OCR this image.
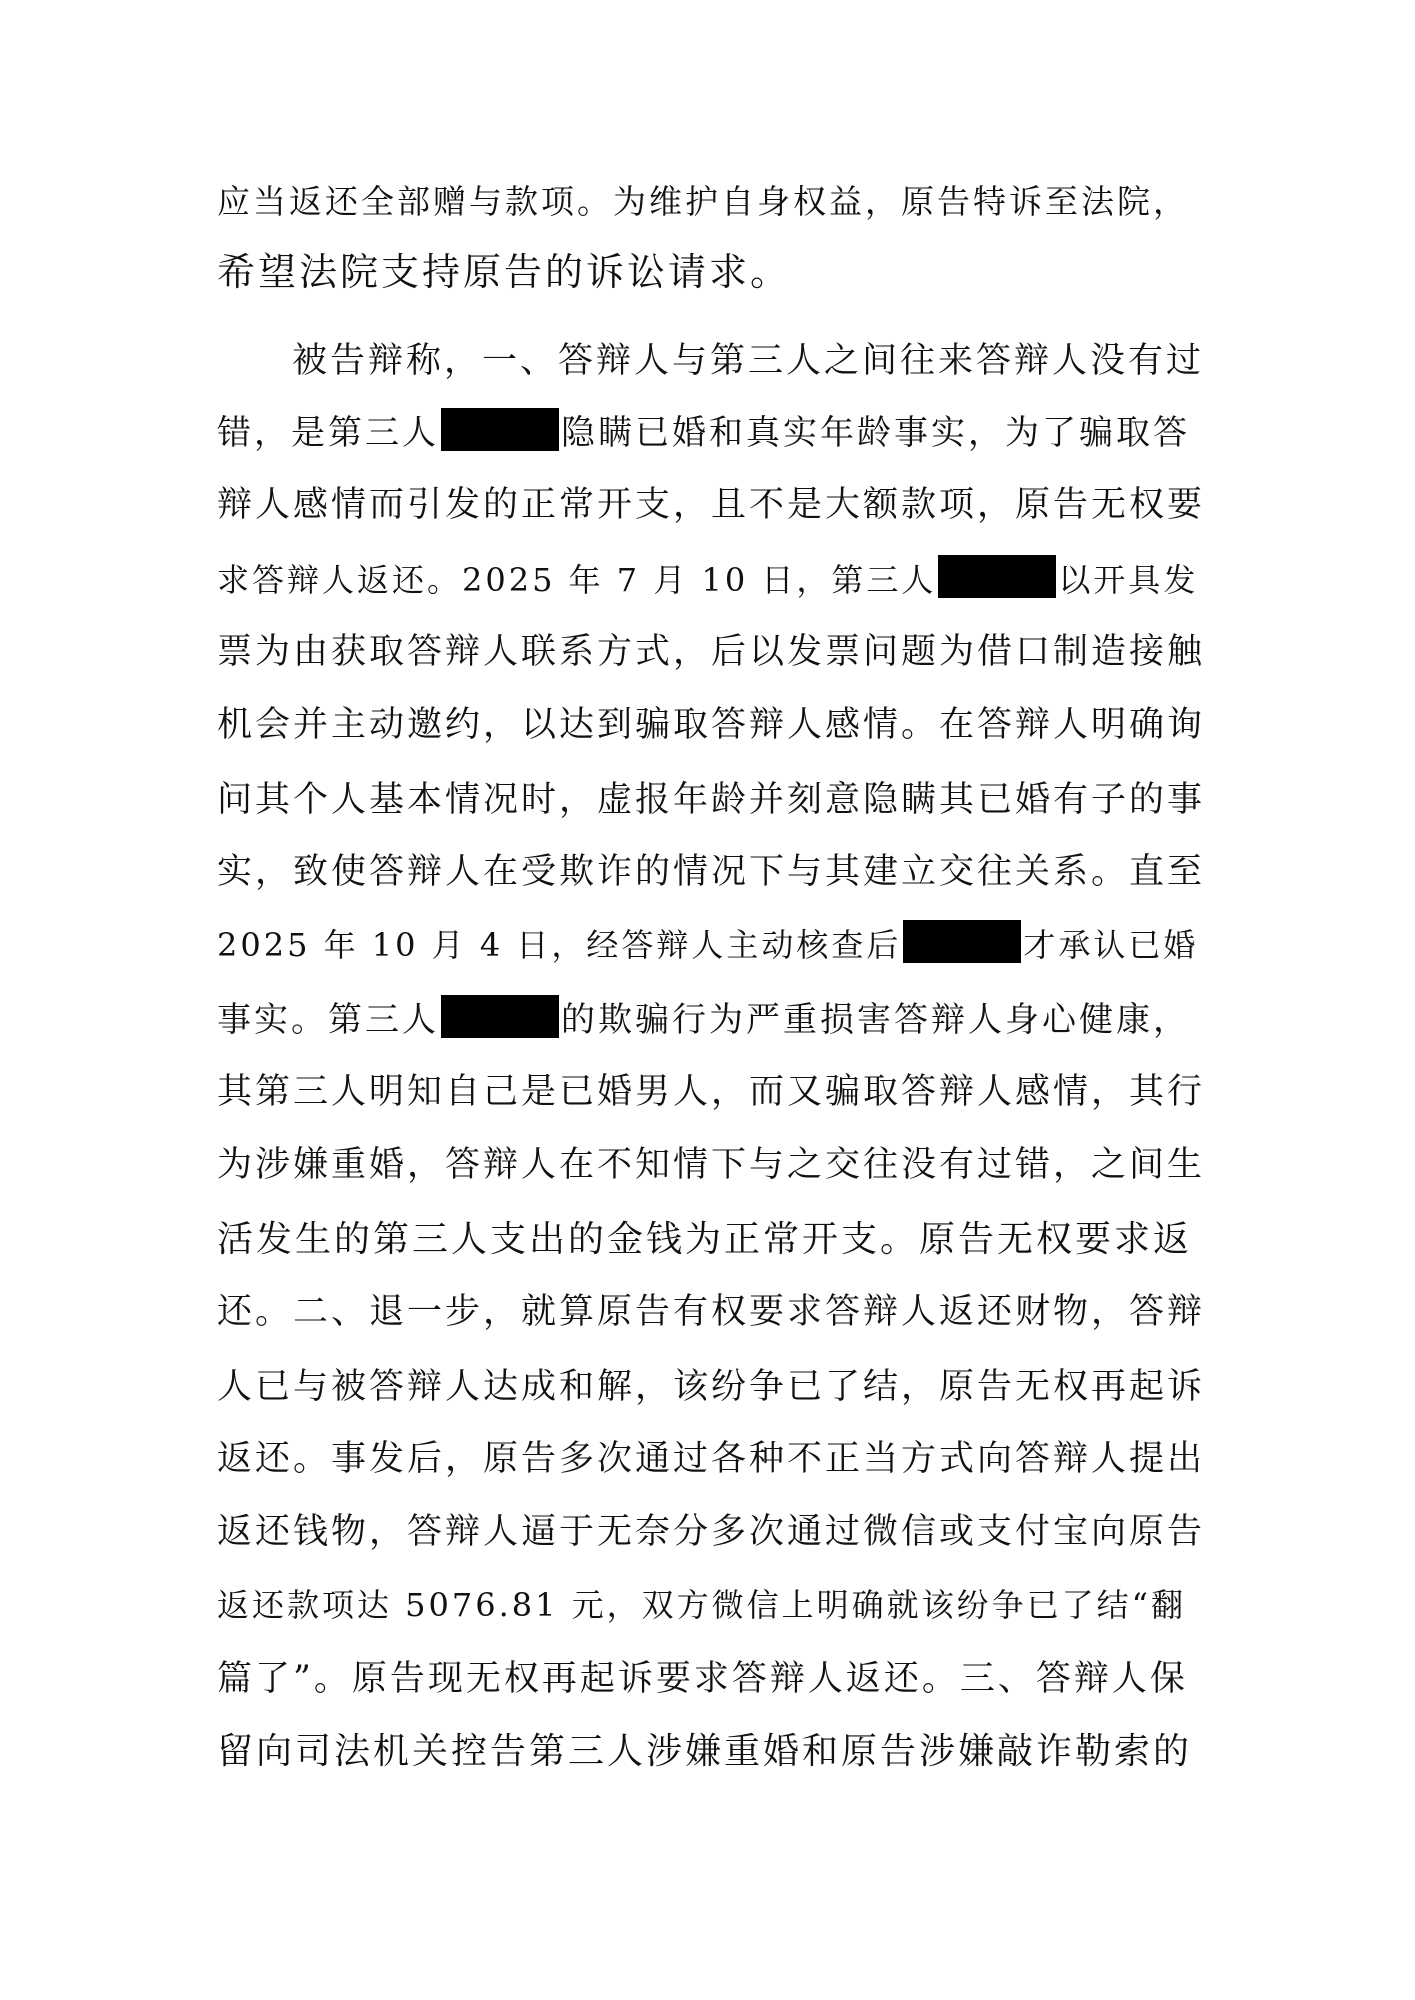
应当返还全部赠与款项。为维护自身权益，原告特诉至法院，
希望法院支持原告的诉讼请求。
被告辩称，一、答辩人与第三人之间往来答辩人没有过
错，是第三人	隐瞒已婚和真实年龄事实，为了骗取答
辩人感情而引发的正常开支，且不是大额款项，原告无权要
求答辩人返还。2025 年 7 月 10 日，第三人	以开具发
票为由获取答辩人联系方式，后以发票问题为借口制造接触
机会并主动邀约，以达到骗取答辩人感情。在答辩人明确询
问其个人基本情况时，虚报年龄并刻意隐瞒其已婚有子的事
实，致使答辩人在受欺诈的情况下与其建立交往关系。直至
2025 年 10 月 4 日，经答辩人主动核查后	才承认已婚
事实。第三人	的欺骗行为严重损害答辩人身心健康，
其第三人明知自己是已婚男人，而又骗取答辩人感情，其行
为涉嫌重婚，答辩人在不知情下与之交往没有过错，之间生
活发生的第三人支出的金钱为正常开支。原告无权要求返
还。二、退一步，就算原告有权要求答辩人返还财物，答辩
人已与被答辩人达成和解，该纷争已了结，原告无权再起诉
返还。事发后，原告多次通过各种不正当方式向答辩人提出
返还钱物，答辩人逼于无奈分多次通过微信或支付宝向原告
返还款项达 5076.81 元，双方微信上明确就该纷争已了结“翻
篇了”。原告现无权再起诉要求答辩人返还。三、答辩人保
留向司法机关控告第三人涉嫌重婚和原告涉嫌敲诈勒索的
